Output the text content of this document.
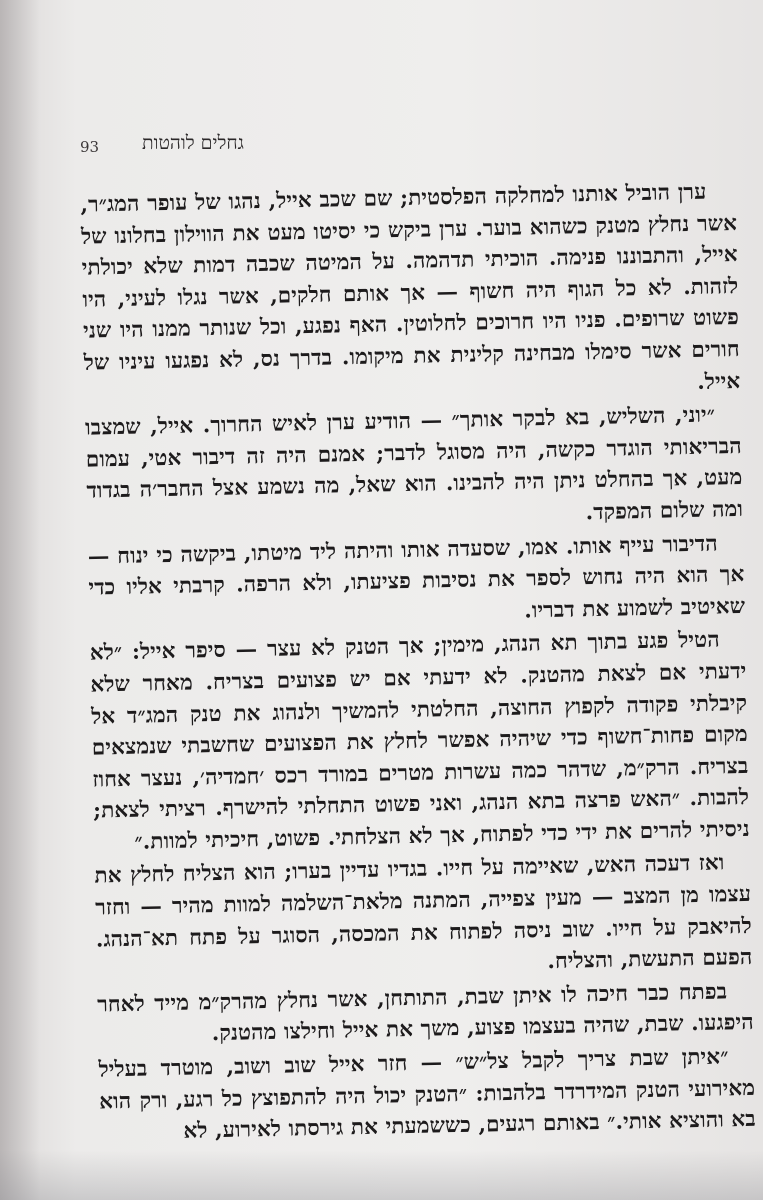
93 גחלים לוהטות

ערן הוביל אותנו למחלקה הפלסטית; שם שכב אייל, נהגו של עופר המג״ר, אשר נחלץ מטנק כשהוא בוער. ערן ביקש כי יסיטו מעט את הווילון בחלונו של אייל, והתבוננו פנימה. הוכיתי תדהמה. על המיטה שכבה דמות שלא יכולתי לזהות. לא כל הגוף היה חשוף — אך אותם חלקים, אשר נגלו לעיני, היו פשוט שרופים. פניו היו חרוכים לחלוטין. האף נפגע, וכל שנותר ממנו היו שני חורים אשר סימלו מבחינה קלינית את מיקומו. בדרך נס, לא נפגעו עיניו של אייל.

״יוני, השליש, בא לבקר אותך״ — הודיע ערן לאיש החרוך. אייל, שמצבו הבריאותי הוגדר כקשה, היה מסוגל לדבר; אמנם היה זה דיבור אטי, עמום מעט, אך בהחלט ניתן היה להבינו. הוא שאל, מה נשמע אצל החבר׳ה בגדוד ומה שלום המפקד.

הדיבור עייף אותו. אמו, שסעדה אותו והיתה ליד מיטתו, ביקשה כי ינוח — אך הוא היה נחוש לספר את נסיבות פציעתו, ולא הרפה. קרבתי אליו כדי שאיטיב לשמוע את דבריו.

הטיל פגע בתוך תא הנהג, מימין; אך הטנק לא עצר — סיפר אייל: ״לא ידעתי אם לצאת מהטנק. לא ידעתי אם יש פצועים בצריח. מאחר שלא קיבלתי פקודה לקפוץ החוצה, החלטתי להמשיך ולנהוג את טנק המג״ד אל מקום פחות־חשוף כדי שיהיה אפשר לחלץ את הפצועים שחשבתי שנמצאים בצריח. הרק״מ, שדהר כמה עשרות מטרים במורד רכס ׳חמדיה׳, נעצר אחוז להבות. ״האש פרצה בתא הנהג, ואני פשוט התחלתי להישרף. רציתי לצאת; ניסיתי להרים את ידי כדי לפתוח, אך לא הצלחתי. פשוט, חיכיתי למוות.״

ואז דעכה האש, שאיימה על חייו. בגדיו עדיין בערו; הוא הצליח לחלץ את עצמו מן המצב — מעין צפייה, המתנה מלאת־השלמה למוות מהיר — וחזר להיאבק על חייו. שוב ניסה לפתוח את המכסה, הסוגר על פתח תא־הנהג. הפעם התעשת, והצליח.

בפתח כבר חיכה לו איתן שבת, התותחן, אשר נחלץ מהרק״מ מייד לאחר היפגעו. שבת, שהיה בעצמו פצוע, משך את אייל וחילצו מהטנק.

״איתן שבת צריך לקבל צל״ש״ — חזר אייל שוב ושוב, מוטרד בעליל מאירועי הטנק המידרדר בלהבות: ״הטנק יכול היה להתפוצץ כל רגע, ורק הוא בא והוציא אותי.״ באותם רגעים, כששמעתי את גירסתו לאירוע, לא
